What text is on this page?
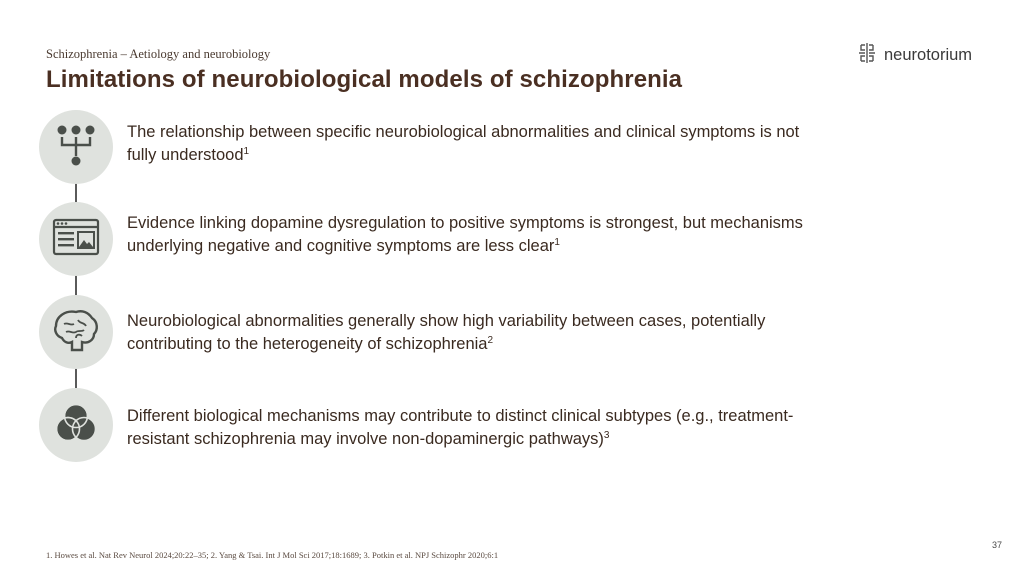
Schizophrenia – Aetiology and neurobiology
Limitations of neurobiological models of schizophrenia
neurotorium
The relationship between specific neurobiological abnormalities and clinical symptoms is not fully understood$^1$
Evidence linking dopamine dysregulation to positive symptoms is strongest, but mechanisms underlying negative and cognitive symptoms are less clear$^1$
Neurobiological abnormalities generally show high variability between cases, potentially contributing to the heterogeneity of schizophrenia$^2$
Different biological mechanisms may contribute to distinct clinical subtypes (e.g., treatment-resistant schizophrenia may involve non-dopaminergic pathways)$^3$
1. Howes et al. Nat Rev Neurol 2024;20:22–35; 2. Yang & Tsai. Int J Mol Sci 2017;18:1689; 3. Potkin et al. NPJ Schizophr 2020;6:1
37
